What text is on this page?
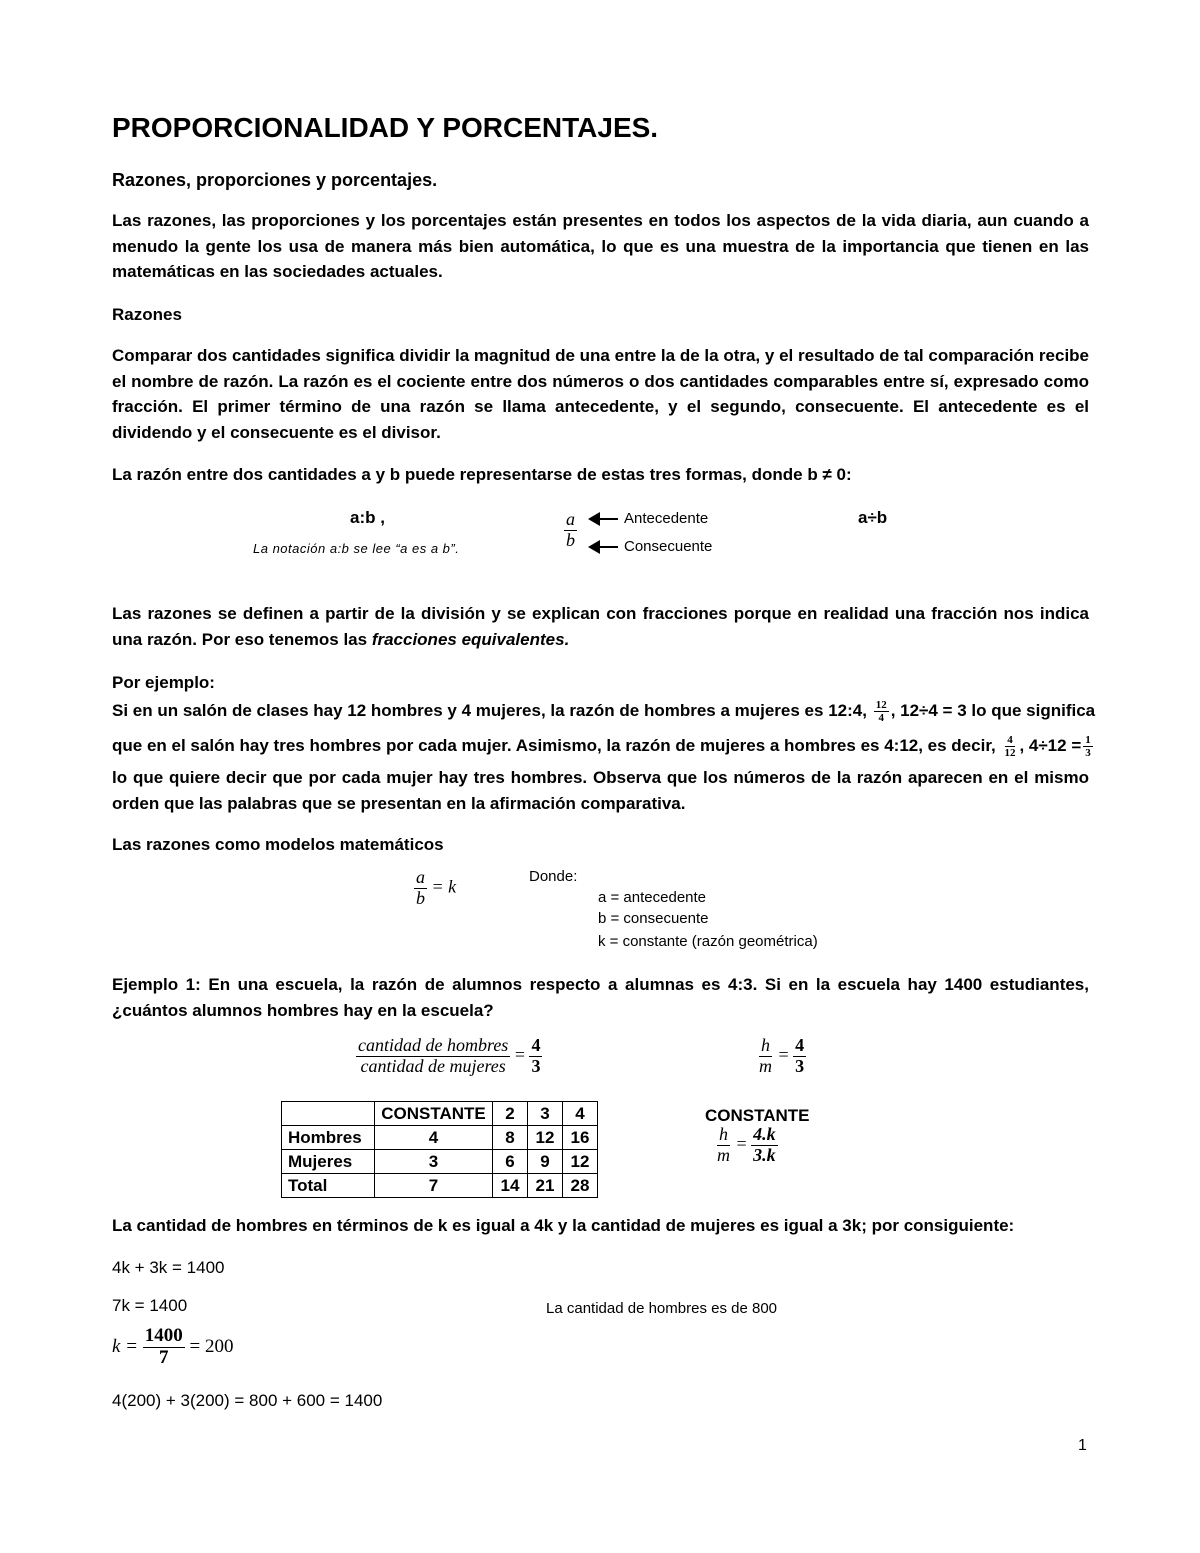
PROPORCIONALIDAD Y PORCENTAJES.
Razones, proporciones y porcentajes.
Las razones, las proporciones y los porcentajes están presentes en todos los aspectos de la vida diaria, aun cuando a menudo la gente los usa de manera más bien automática, lo que es una muestra de la importancia que tienen en las matemáticas en las sociedades actuales.
Razones
Comparar dos cantidades significa dividir la magnitud de una entre la de la otra, y el resultado de tal comparación recibe el nombre de razón. La razón es el cociente entre dos números o dos cantidades comparables entre sí, expresado como fracción. El primer término de una razón se llama antecedente, y el segundo, consecuente. El antecedente es el dividendo y el consecuente es el divisor.
La razón entre dos cantidades a y b puede representarse de estas tres formas, donde b ≠ 0:
a:b ,
La notación a:b se lee “a es a b”.	$\frac{a}{b}$	Antecedente
Consecuente
a÷b
Las razones se definen a partir de la división y se explican con fracciones porque en realidad una fracción nos indica una razón. Por eso tenemos las fracciones equivalentes.
Por ejemplo:
Si en un salón de clases hay 12 hombres y 4 mujeres, la razón de hombres a mujeres es 12:4, $\frac{12}{4}$ , 12÷4 = 3 lo que significa
que en el salón hay tres hombres por cada mujer. Asimismo, la razón de mujeres a hombres es 4:12, es decir, $\frac{4}{12}$ , $4\div 12 = \frac{1}{3}$
lo que quiere decir que por cada mujer hay tres hombres. Observa que los números de la razón aparecen en el mismo orden que las palabras que se presentan en la afirmación comparativa.
Las razones como modelos matemáticos
$\frac{a}{b} = k$	Donde:
a = antecedente
b = consecuente
k = constante (razón geométrica)
Ejemplo 1: En una escuela, la razón de alumnos respecto a alumnas es 4:3. Si en la escuela hay 1400 estudiantes, ¿cuántos alumnos hombres hay en la escuela?
$\frac{\text{cantidad de hombres}}{\text{cantidad de mujeres}} = \frac{4}{3}$	$\frac{h}{m} = \frac{4}{3}$
	CONSTANTE	2	3	4
Hombres	4	8	12	16
Mujeres	3	6	9	12
Total	7	14	21	28
CONSTANTE
$\frac{h}{m} = \frac{4.k}{3.k}$
La cantidad de hombres en términos de k es igual a 4k y la cantidad de mujeres es igual a 3k; por consiguiente:
4k + 3k = 1400
7k = 1400	La cantidad de hombres es de 800
$k = \frac{1400}{7} = 200$
4(200) + 3(200) = 800 + 600 = 1400
1
